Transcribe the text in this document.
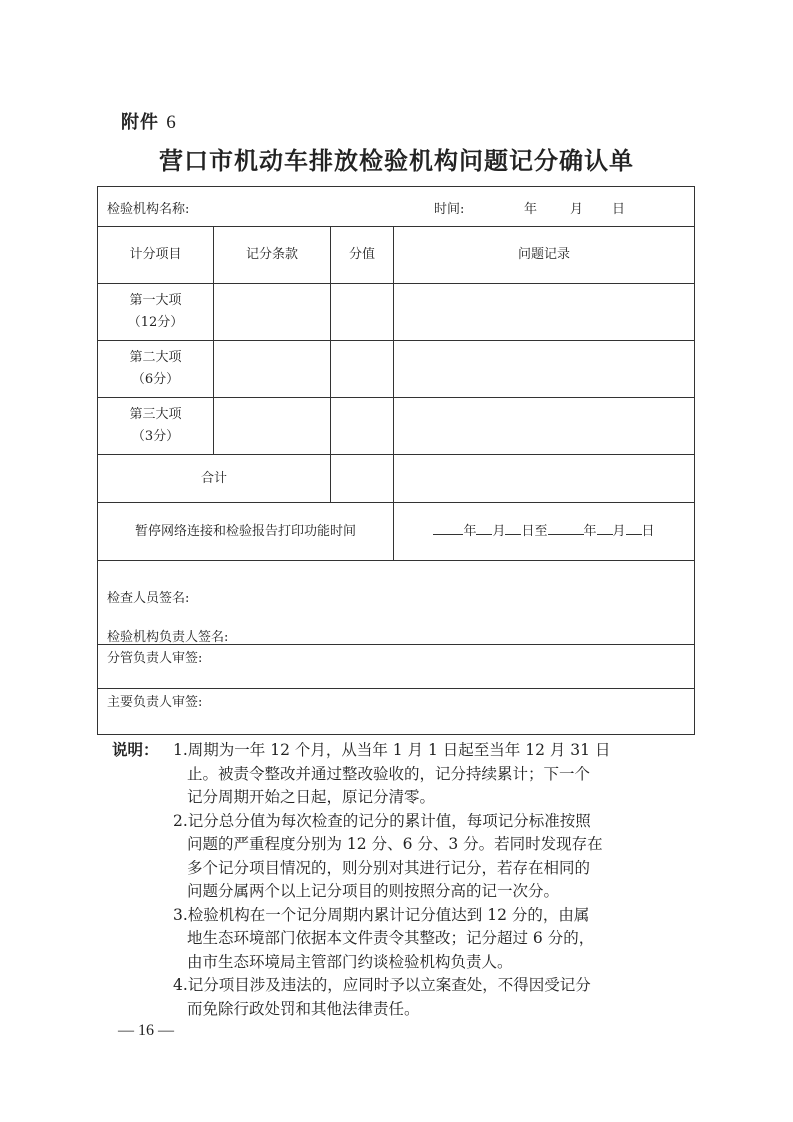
附件 6
营口市机动车排放检验机构问题记分确认单
检验机构名称: 时间: 年 月 日			

计分项目	记分条款	分值	问题记录

第一大项
（12分）			

第二大项
（6分）			

第三大项
（3分）			

合计			
暂停网络连接和检验报告打印功能时间			年 月 日至 年 月 日

检查人员签名:
检验机构负责人签名:			

分管负责人审签:			

主要负责人审签:			
说明： 1.周期为一年 12 个月，从当年 1 月 1 日起至当年 12 月 31 日
止。被责令整改并通过整改验收的，记分持续累计；下一个
记分周期开始之日起，原记分清零。
2.记分总分值为每次检查的记分的累计值，每项记分标准按照
问题的严重程度分别为 12 分、6 分、3 分。若同时发现存在
多个记分项目情况的，则分别对其进行记分，若存在相同的
问题分属两个以上记分项目的则按照分高的记一次分。
3.检验机构在一个记分周期内累计记分值达到 12 分的，由属
地生态环境部门依据本文件责令其整改；记分超过 6 分的，
由市生态环境局主管部门约谈检验机构负责人。
4.记分项目涉及违法的，应同时予以立案查处，不得因受记分
而免除行政处罚和其他法律责任。
— 16 —
